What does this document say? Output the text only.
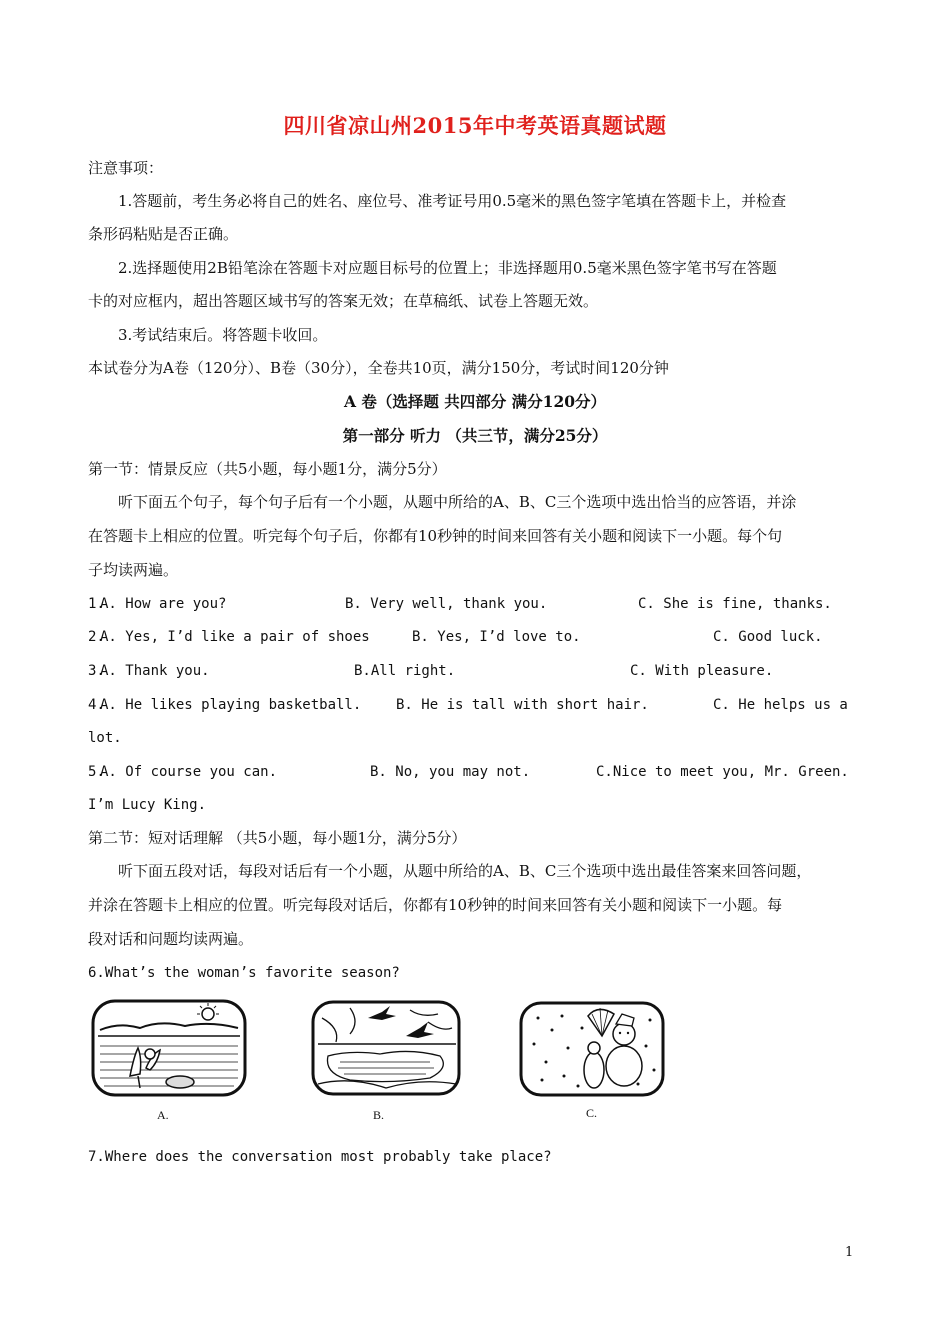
四川省凉山州2015年中考英语真题试题
注意事项：
1.答题前，考生务必将自己的姓名、座位号、准考证号用0.5毫米的黑色签字笔填在答题卡上，并检查
条形码粘贴是否正确。
2.选择题使用2B铅笔涂在答题卡对应题目标号的位置上；非选择题用0.5毫米黑色签字笔书写在答题
卡的对应框内，超出答题区域书写的答案无效；在草稿纸、试卷上答题无效。
3.考试结束后。将答题卡收回。
本试卷分为A卷（120分）、B卷（30分），全卷共10页，满分150分，考试时间120分钟
A 卷（选择题 共四部分 满分120分）
第一部分 听力 （共三节，满分25分）
第一节：情景反应（共5小题，每小题1分，满分5分）
听下面五个句子，每个句子后有一个小题，从题中所给的A、B、C三个选项中选出恰当的应答语，并涂
在答题卡上相应的位置。听完每个句子后，你都有10秒钟的时间来回答有关小题和阅读下一小题。每个句
子均读两遍。
1.
A. How are you?	B. Very well, thank you.	C. She is fine, thanks.
2.
A. Yes, I’d like a pair of shoes	B. Yes, I’d love to.	C. Good luck.
3.
A. Thank you.	B.All right.	C. With pleasure.
4.
A. He likes playing basketball. B. He is tall with short hair.	C. He helps us a
lot.
5.
A. Of course you can.	B. No, you may not.	C.Nice to meet you, Mr. Green.
I’m Lucy King.
第二节：短对话理解 （共5小题，每小题1分，满分5分）
听下面五段对话，每段对话后有一个小题，从题中所给的A、B、C三个选项中选出最佳答案来回答问题，
并涂在答题卡上相应的位置。听完每段对话后，你都有10秒钟的时间来回答有关小题和阅读下一小题。每
段对话和问题均读两遍。
6.What’s the woman’s favorite season?
A.	B.	C.
7.Where does the conversation most probably take place?
1
